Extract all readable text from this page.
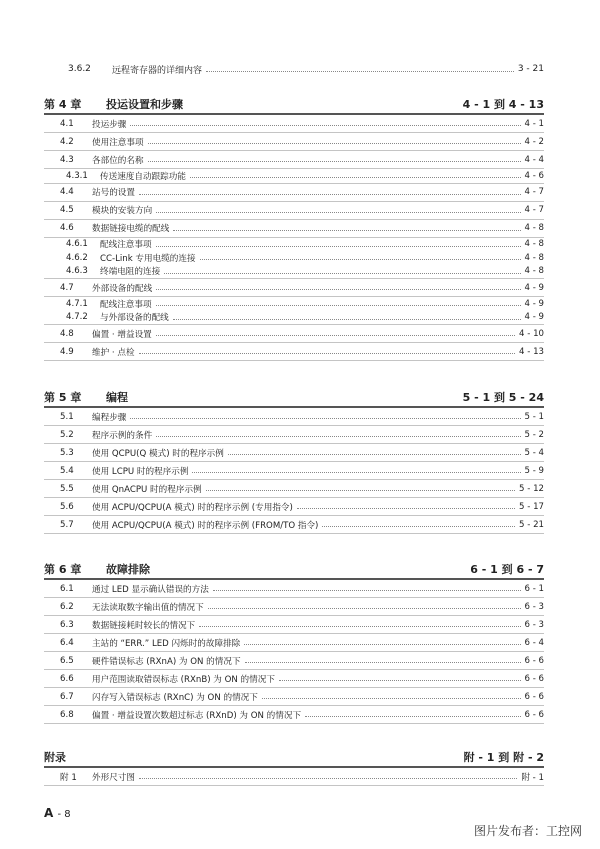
3.6.2	远程寄存器的详细内容	3 - 21
第 4 章	投运设置和步骤	4 - 1 到 4 - 13
4.1	投运步骤	4 - 1
4.2	使用注意事项	4 - 2
4.3	各部位的名称	4 - 4
4.3.1	传送速度自动跟踪功能	4 - 6
4.4	站号的设置	4 - 7
4.5	模块的安装方向	4 - 7
4.6	数据链接电缆的配线	4 - 8
4.6.1	配线注意事项	4 - 8
4.6.2	CC-Link 专用电缆的连接	4 - 8
4.6.3	终端电阻的连接	4 - 8
4.7	外部设备的配线	4 - 9
4.7.1	配线注意事项	4 - 9
4.7.2	与外部设备的配线	4 - 9
4.8	偏置 · 增益设置	4 - 10
4.9	维护 · 点检	4 - 13
第 5 章	编程	5 - 1 到 5 - 24
5.1	编程步骤	5 - 1
5.2	程序示例的条件	5 - 2
5.3	使用 QCPU(Q 模式) 时的程序示例	5 - 4
5.4	使用 LCPU 时的程序示例	5 - 9
5.5	使用 QnACPU 时的程序示例	5 - 12
5.6	使用 ACPU/QCPU(A 模式) 时的程序示例 (专用指令)	5 - 17
5.7	使用 ACPU/QCPU(A 模式) 时的程序示例 (FROM/TO 指令)	5 - 21
第 6 章	故障排除	6 - 1 到 6 - 7
6.1	通过 LED 显示确认错误的方法	6 - 1
6.2	无法读取数字输出值的情况下	6 - 3
6.3	数据链接耗时较长的情况下	6 - 3
6.4	主站的 “ERR.” LED 闪烁时的故障排除	6 - 4
6.5	硬件错误标志 (RXnA) 为 ON 的情况下	6 - 6
6.6	用户范围读取错误标志 (RXnB) 为 ON 的情况下	6 - 6
6.7	闪存写入错误标志 (RXnC) 为 ON 的情况下	6 - 6
6.8	偏置 · 增益设置次数超过标志 (RXnD) 为 ON 的情况下	6 - 6
附录	附 - 1 到 附 - 2
附 1	外形尺寸图	附 - 1
A - 8
图片发布者：工控网
